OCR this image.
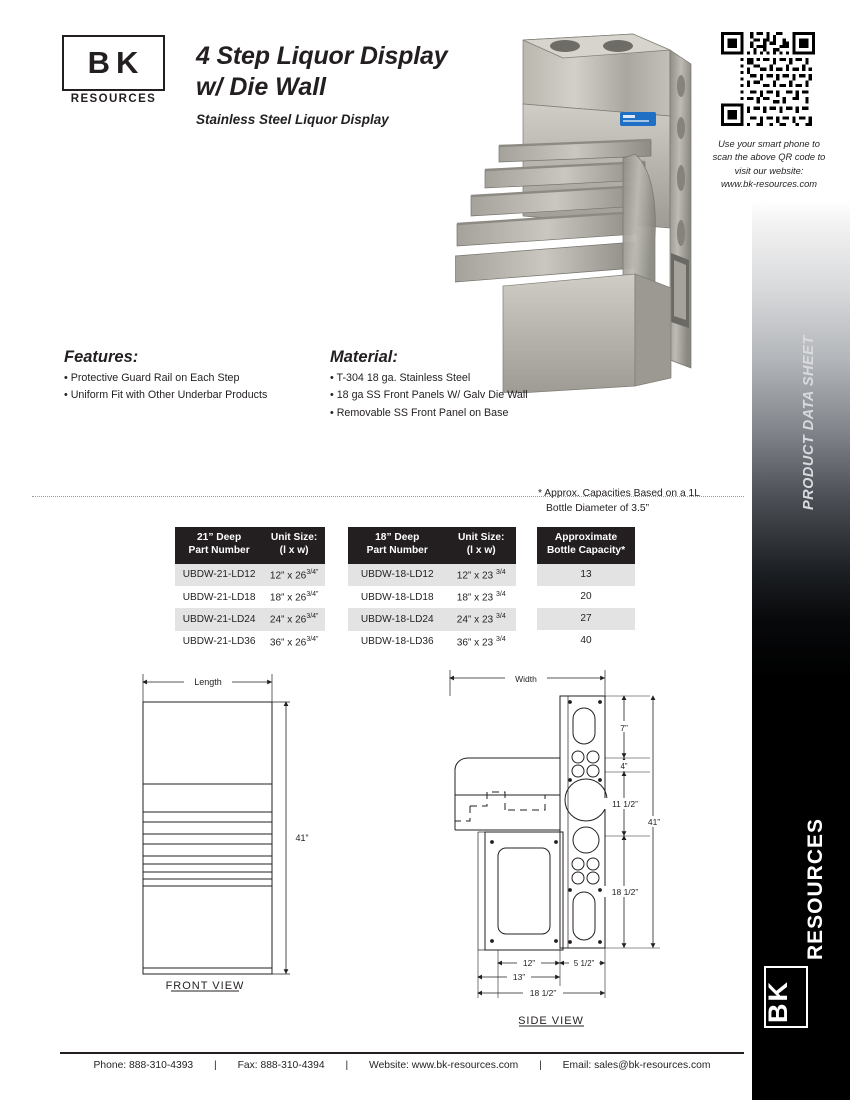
PRODUCT DATA SHEET
RESOURCES
BK
BK
RESOURCES
4 Step Liquor Display
w/ Die Wall
Stainless Steel Liquor Display
Use your smart phone to
scan the above QR code to
visit our website:
www.bk-resources.com
Features:
• Protective Guard Rail on Each Step
• Uniform Fit with Other Underbar Products
Material:
• T-304 18 ga. Stainless Steel
• 18 ga SS Front Panels W/ Galv Die Wall
• Removable SS Front Panel on Base
* Approx. Capacities Based on a 1L
Bottle Diameter of 3.5”
21” Deep
Part Number	Unit Size:
(l x w)
UBDW-21-LD12	12” x $26^{3/4”}$
UBDW-21-LD18	18” x $26^{3/4”}$
UBDW-21-LD24	24” x $26^{3/4”}$
UBDW-21-LD36	36” x $26^{3/4”}$
18” Deep
Part Number	Unit Size:
(l x w)
UBDW-18-LD12	12” x 23 $^{3/4}$
UBDW-18-LD18	18” x 23 $^{3/4}$
UBDW-18-LD24	24” x 23 $^{3/4}$
UBDW-18-LD36	36” x 23 $^{3/4}$
Approximate
Bottle Capacity*
13
20
27
40
Length
41”
FRONT VIEW
Width
7”
4”
11 1/2”
18 1/2”
41”
12”	5 1/2”
13”
18 1/2”
SIDE VIEW
Phone: 888-310-4393 | Fax: 888-310-4394 | Website: www.bk-resources.com | Email: sales@bk-resources.com
